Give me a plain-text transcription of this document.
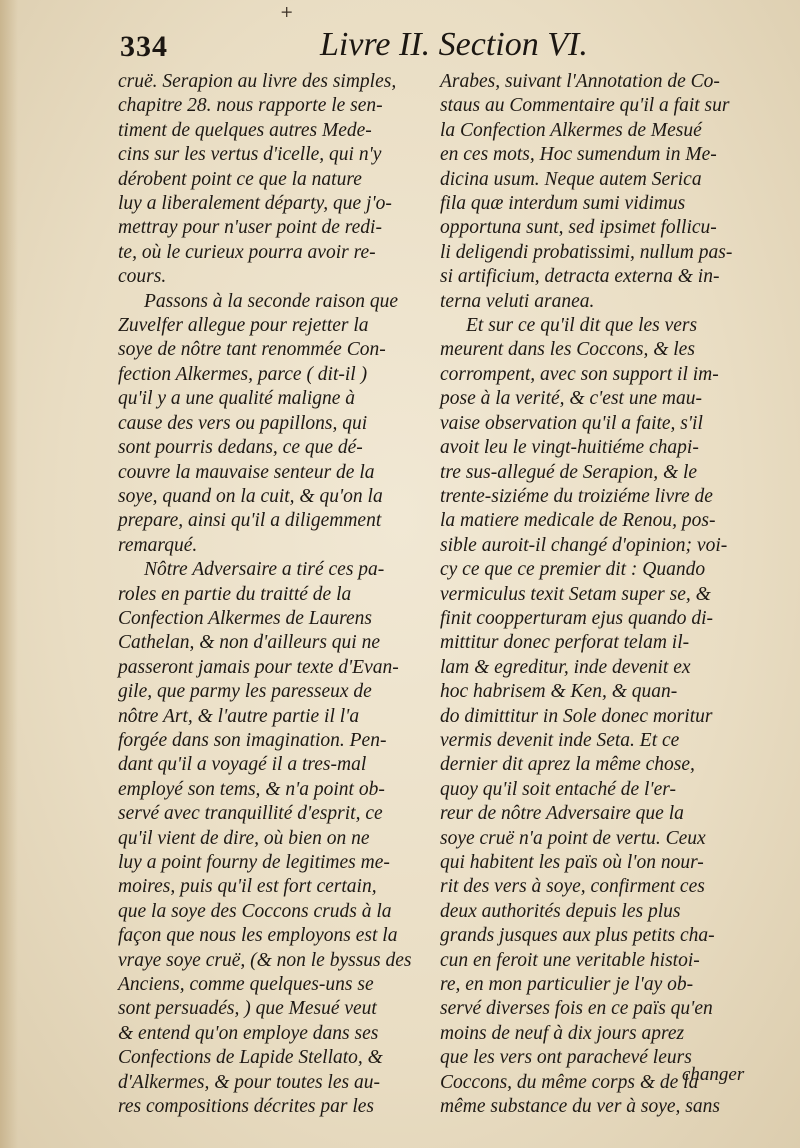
+
334	Livre II. Section VI.
cruë. Serapion au livre des simples,
chapitre 28. nous rapporte le sen-
timent de quelques autres Mede-
cins sur les vertus d'icelle, qui n'y
dérobent point ce que la nature
luy a liberalement départy, que j'o-
mettray pour n'user point de redi-
te, où le curieux pourra avoir re-
cours.
Passons à la seconde raison que
Zuvelfer allegue pour rejetter la
soye de nôtre tant renommée Con-
fection Alkermes, parce ( dit-il )
qu'il y a une qualité maligne à
cause des vers ou papillons, qui
sont pourris dedans, ce que dé-
couvre la mauvaise senteur de la
soye, quand on la cuit, & qu'on la
prepare, ainsi qu'il a diligemment
remarqué.
Nôtre Adversaire a tiré ces pa-
roles en partie du traitté de la
Confection Alkermes de Laurens
Cathelan, & non d'ailleurs qui ne
passeront jamais pour texte d'Evan-
gile, que parmy les paresseux de
nôtre Art, & l'autre partie il l'a
forgée dans son imagination. Pen-
dant qu'il a voyagé il a tres-mal
employé son tems, & n'a point ob-
servé avec tranquillité d'esprit, ce
qu'il vient de dire, où bien on ne
luy a point fourny de legitimes me-
moires, puis qu'il est fort certain,
que la soye des Coccons cruds à la
façon que nous les employons est la
vraye soye cruë, (& non le byssus des
Anciens, comme quelques-uns se
sont persuadés, ) que Mesué veut
& entend qu'on employe dans ses
Confections de Lapide Stellato, &
d'Alkermes, & pour toutes les au-
res compositions décrites par les
Arabes, suivant l'Annotation de Co-
staus au Commentaire qu'il a fait sur
la Confection Alkermes de Mesué
en ces mots, Hoc sumendum in Me-
dicina usum. Neque autem Serica
fila quæ interdum sumi vidimus
opportuna sunt, sed ipsimet follicu-
li deligendi probatissimi, nullum pas-
si artificium, detracta externa & in-
terna veluti aranea.
Et sur ce qu'il dit que les vers
meurent dans les Coccons, & les
corrompent, avec son support il im-
pose à la verité, & c'est une mau-
vaise observation qu'il a faite, s'il
avoit leu le vingt-huitiéme chapi-
tre sus-allegué de Serapion, & le
trente-siziéme du troiziéme livre de
la matiere medicale de Renou, pos-
sible auroit-il changé d'opinion; voi-
cy ce que ce premier dit : Quando
vermiculus texit Setam super se, &
finit coopperturam ejus quando di-
mittitur donec perforat telam il-
lam & egreditur, inde devenit ex
hoc habrisem & Ken, & quan-
do dimittitur in Sole donec moritur
vermis devenit inde Seta. Et ce
dernier dit aprez la même chose,
quoy qu'il soit entaché de l'er-
reur de nôtre Adversaire que la
soye cruë n'a point de vertu. Ceux
qui habitent les païs où l'on nour-
rit des vers à soye, confirment ces
deux authorités depuis les plus
grands jusques aux plus petits cha-
cun en feroit une veritable histoi-
re, en mon particulier je l'ay ob-
servé diverses fois en ce païs qu'en
moins de neuf à dix jours aprez
que les vers ont parachevé leurs
Coccons, du même corps & de la
même substance du ver à soye, sans
changer
